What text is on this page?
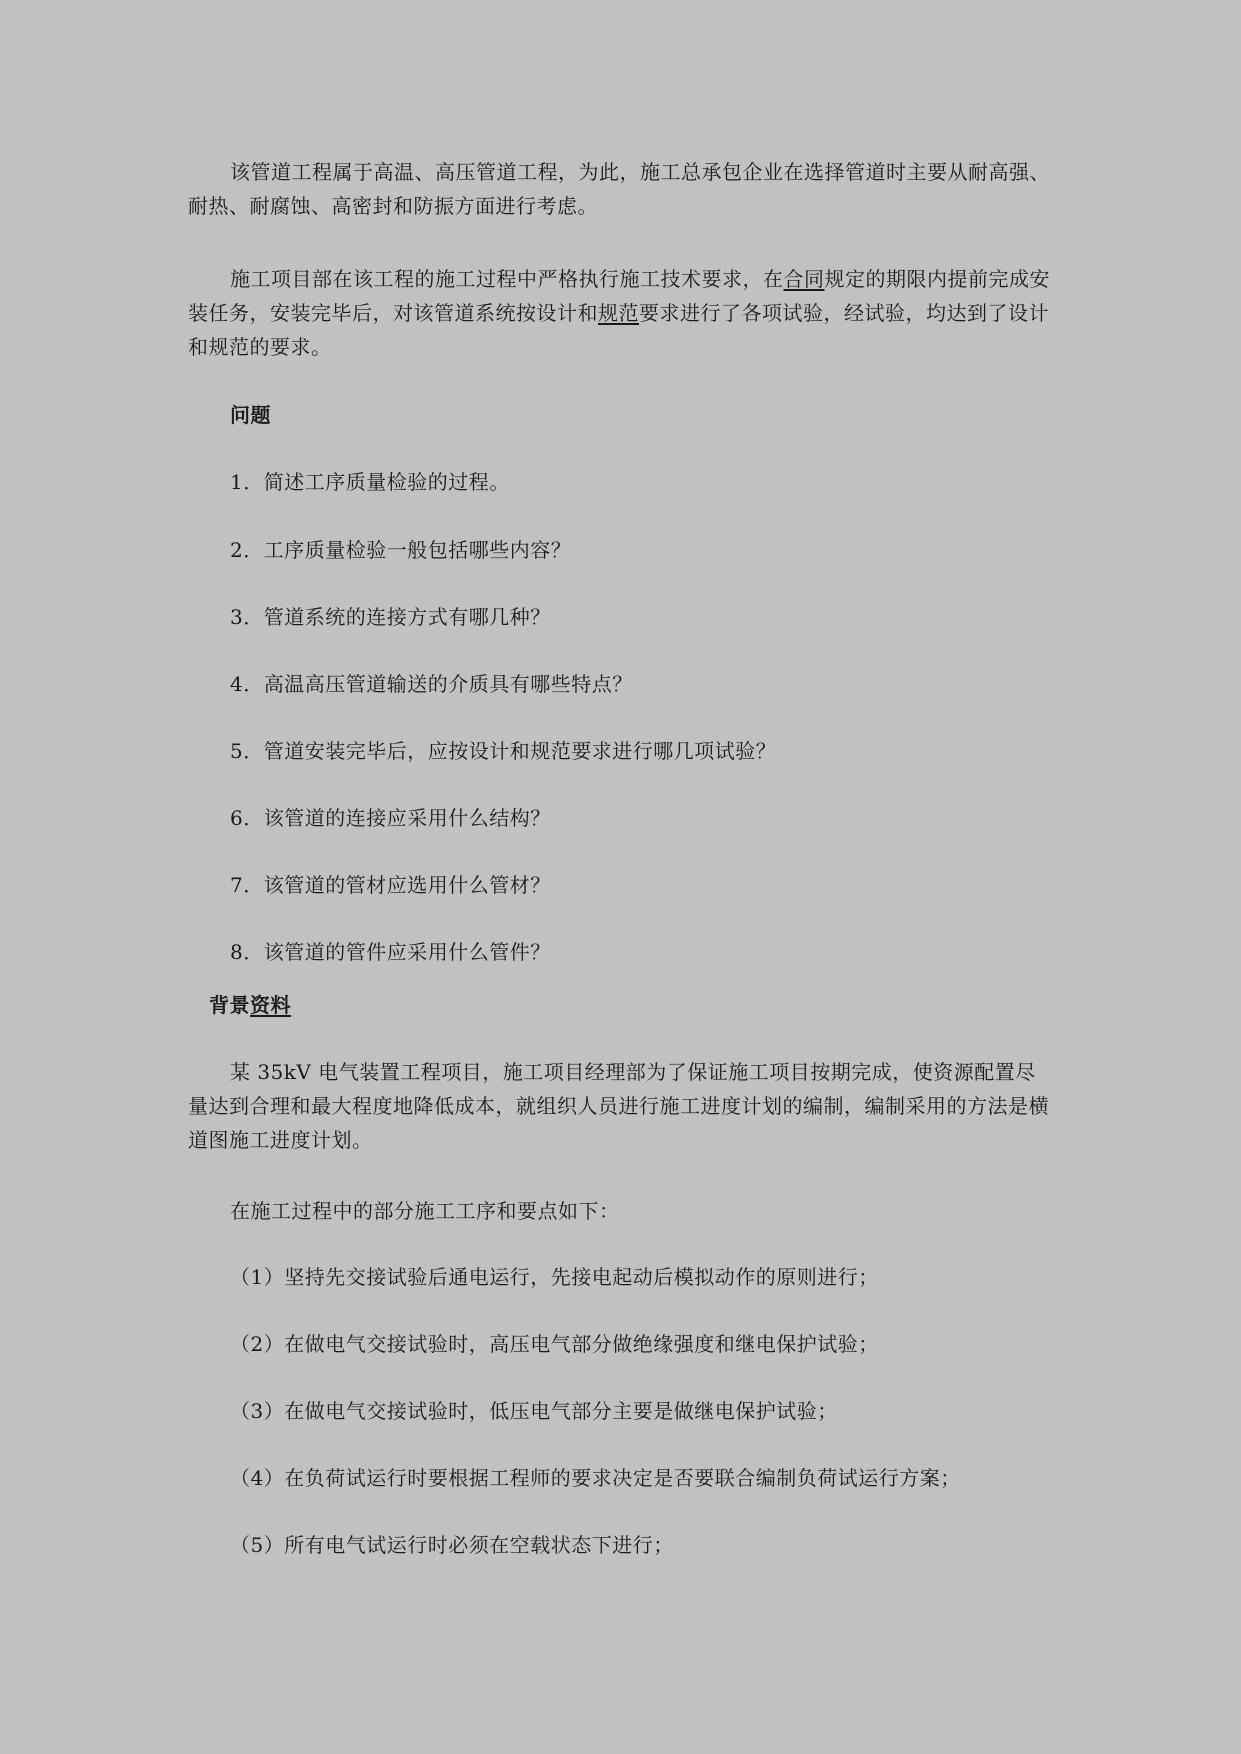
该管道工程属于高温、高压管道工程，为此，施工总承包企业在选择管道时主要从耐高强、耐热、耐腐蚀、高密封和防振方面进行考虑。

施工项目部在该工程的施工过程中严格执行施工技术要求，在合同规定的期限内提前完成安装任务，安装完毕后，对该管道系统按设计和规范要求进行了各项试验，经试验，均达到了设计和规范的要求。

问题

1．简述工序质量检验的过程。

2．工序质量检验一般包括哪些内容？

3．管道系统的连接方式有哪几种？

4．高温高压管道输送的介质具有哪些特点？

5．管道安装完毕后，应按设计和规范要求进行哪几项试验？

6．该管道的连接应采用什么结构？

7．该管道的管材应选用什么管材？

8．该管道的管件应采用什么管件？

背景资料

某 35kV 电气装置工程项目，施工项目经理部为了保证施工项目按期完成，使资源配置尽量达到合理和最大程度地降低成本，就组织人员进行施工进度计划的编制，编制采用的方法是横道图施工进度计划。

在施工过程中的部分施工工序和要点如下：

（1）坚持先交接试验后通电运行，先接电起动后模拟动作的原则进行；

（2）在做电气交接试验时，高压电气部分做绝缘强度和继电保护试验；

（3）在做电气交接试验时，低压电气部分主要是做继电保护试验；

（4）在负荷试运行时要根据工程师的要求决定是否要联合编制负荷试运行方案；

（5）所有电气试运行时必须在空载状态下进行；
